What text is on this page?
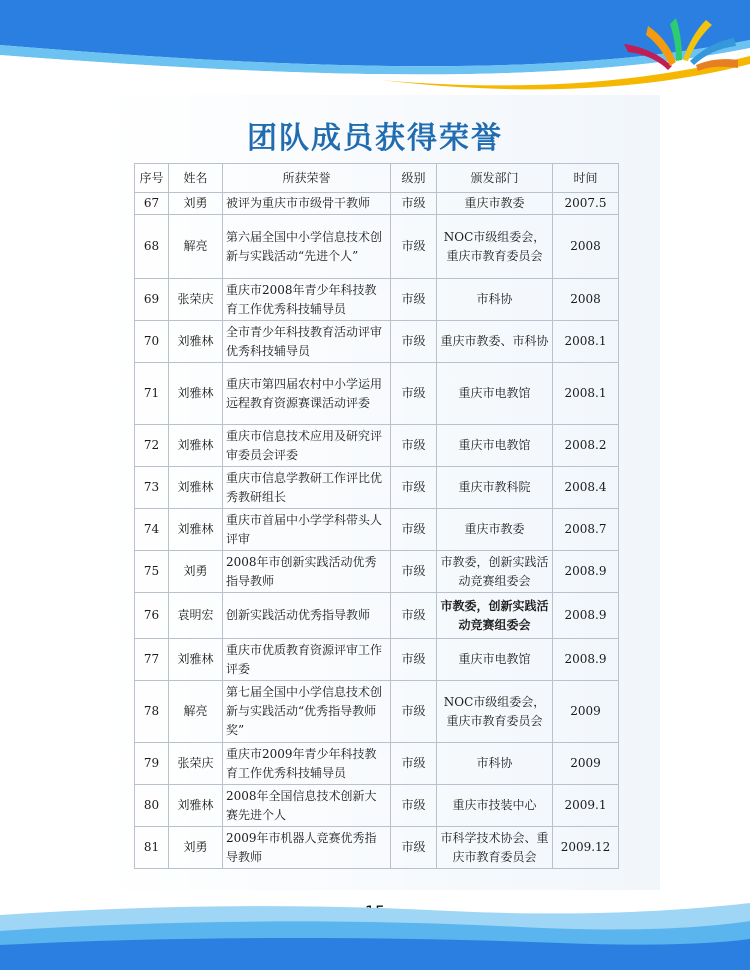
团队成员获得荣誉
序号	姓名	所获荣誉	级别	颁发部门	时间
67	刘勇	被评为重庆市市级骨干教师	市级	重庆市教委	2007.5
68	解亮	第六届全国中小学信息技术创新与实践活动“先进个人”	市级	NOC市级组委会，重庆市教育委员会	2008
69	张荣庆	重庆市2008年青少年科技教育工作优秀科技辅导员	市级	市科协	2008
70	刘雅林	全市青少年科技教育活动评审优秀科技辅导员	市级	重庆市教委、市科协	2008.1
71	刘雅林	重庆市第四届农村中小学运用远程教育资源赛课活动评委	市级	重庆市电教馆	2008.1
72	刘雅林	重庆市信息技术应用及研究评审委员会评委	市级	重庆市电教馆	2008.2
73	刘雅林	重庆市信息学教研工作评比优秀教研组长	市级	重庆市教科院	2008.4
74	刘雅林	重庆市首届中小学学科带头人评审	市级	重庆市教委	2008.7
75	刘勇	2008年市创新实践活动优秀指导教师	市级	市教委，创新实践活动竞赛组委会	2008.9
76	袁明宏	创新实践活动优秀指导教师	市级	市教委，创新实践活动竞赛组委会	2008.9
77	刘雅林	重庆市优质教育资源评审工作评委	市级	重庆市电教馆	2008.9
78	解亮	第七届全国中小学信息技术创新与实践活动“优秀指导教师奖”	市级	NOC市级组委会，重庆市教育委员会	2009
79	张荣庆	重庆市2009年青少年科技教育工作优秀科技辅导员	市级	市科协	2009
80	刘雅林	2008年全国信息技术创新大赛先进个人	市级	重庆市技装中心	2009.1
81	刘勇	2009年市机器人竞赛优秀指导教师	市级	市科学技术协会、重庆市教育委员会	2009.12
